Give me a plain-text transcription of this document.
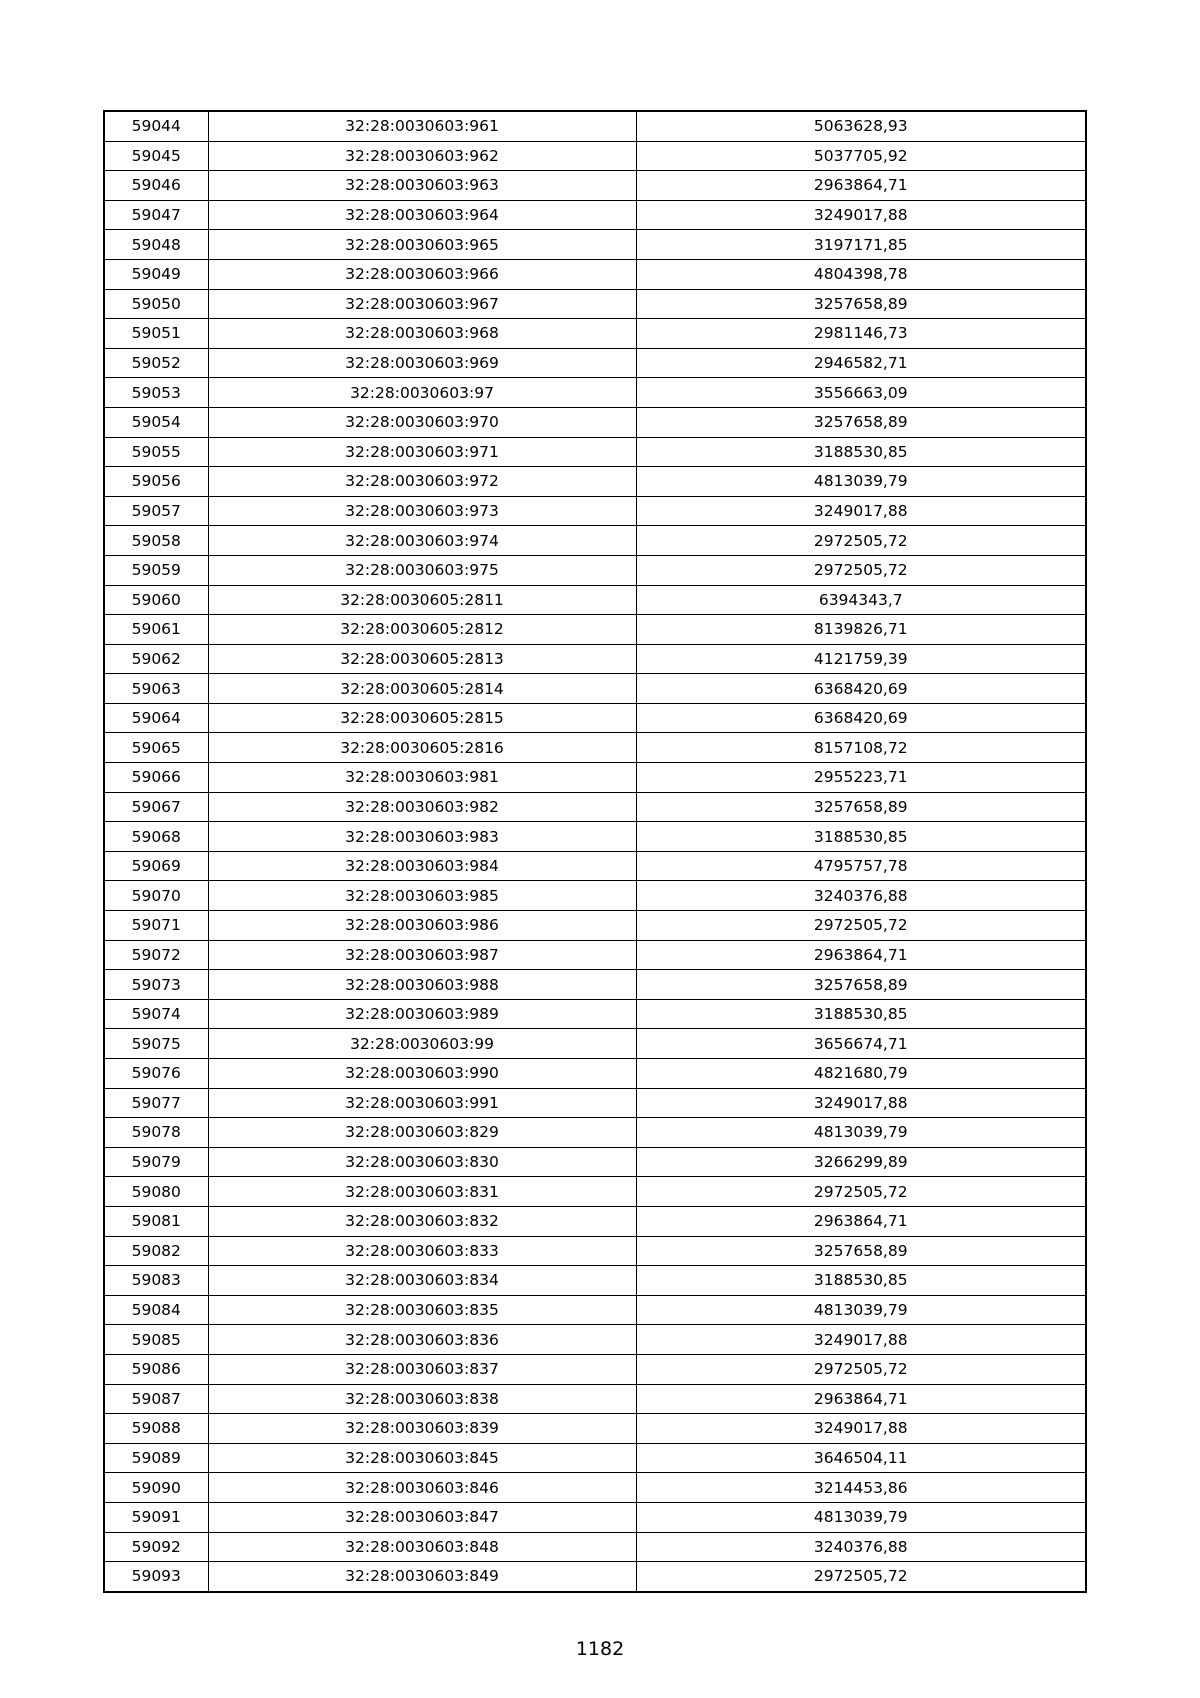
59044	32:28:0030603:961	5063628,93
59045	32:28:0030603:962	5037705,92
59046	32:28:0030603:963	2963864,71
59047	32:28:0030603:964	3249017,88
59048	32:28:0030603:965	3197171,85
59049	32:28:0030603:966	4804398,78
59050	32:28:0030603:967	3257658,89
59051	32:28:0030603:968	2981146,73
59052	32:28:0030603:969	2946582,71
59053	32:28:0030603:97	3556663,09
59054	32:28:0030603:970	3257658,89
59055	32:28:0030603:971	3188530,85
59056	32:28:0030603:972	4813039,79
59057	32:28:0030603:973	3249017,88
59058	32:28:0030603:974	2972505,72
59059	32:28:0030603:975	2972505,72
59060	32:28:0030605:2811	6394343,7
59061	32:28:0030605:2812	8139826,71
59062	32:28:0030605:2813	4121759,39
59063	32:28:0030605:2814	6368420,69
59064	32:28:0030605:2815	6368420,69
59065	32:28:0030605:2816	8157108,72
59066	32:28:0030603:981	2955223,71
59067	32:28:0030603:982	3257658,89
59068	32:28:0030603:983	3188530,85
59069	32:28:0030603:984	4795757,78
59070	32:28:0030603:985	3240376,88
59071	32:28:0030603:986	2972505,72
59072	32:28:0030603:987	2963864,71
59073	32:28:0030603:988	3257658,89
59074	32:28:0030603:989	3188530,85
59075	32:28:0030603:99	3656674,71
59076	32:28:0030603:990	4821680,79
59077	32:28:0030603:991	3249017,88
59078	32:28:0030603:829	4813039,79
59079	32:28:0030603:830	3266299,89
59080	32:28:0030603:831	2972505,72
59081	32:28:0030603:832	2963864,71
59082	32:28:0030603:833	3257658,89
59083	32:28:0030603:834	3188530,85
59084	32:28:0030603:835	4813039,79
59085	32:28:0030603:836	3249017,88
59086	32:28:0030603:837	2972505,72
59087	32:28:0030603:838	2963864,71
59088	32:28:0030603:839	3249017,88
59089	32:28:0030603:845	3646504,11
59090	32:28:0030603:846	3214453,86
59091	32:28:0030603:847	4813039,79
59092	32:28:0030603:848	3240376,88
59093	32:28:0030603:849	2972505,72
1182
